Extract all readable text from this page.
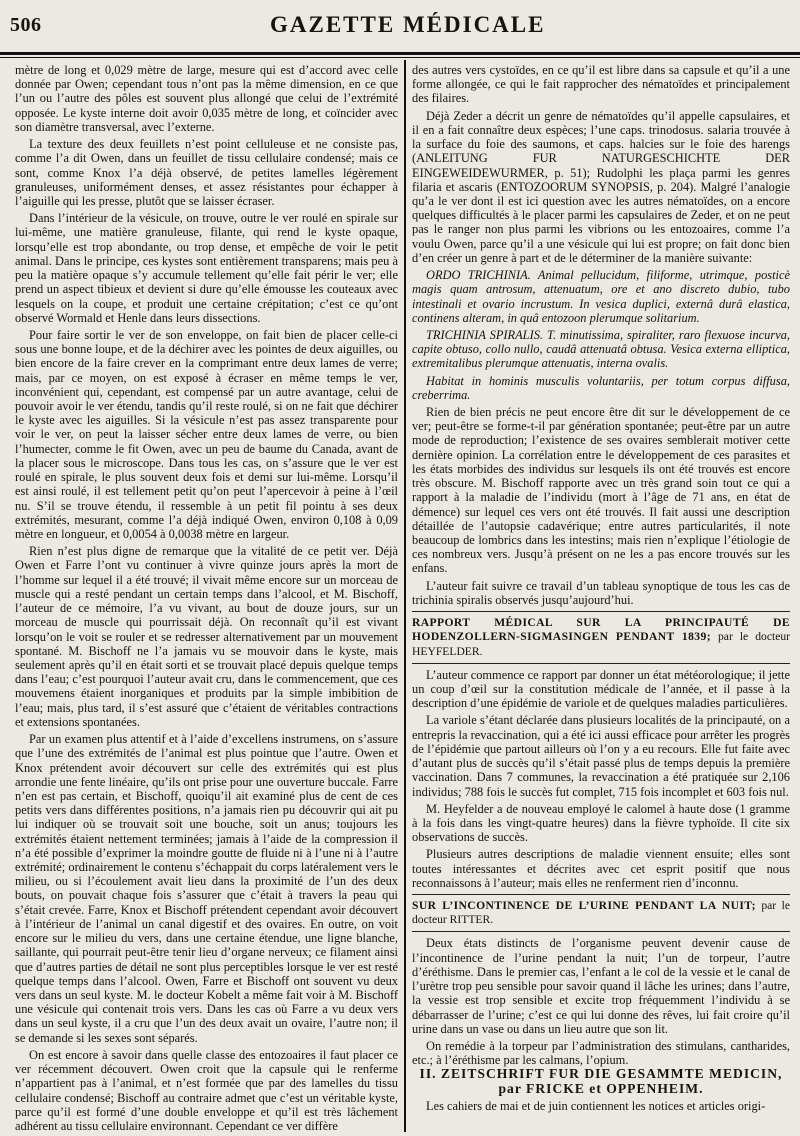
506	GAZETTE MÉDICALE

mètre de long et 0,029 mètre de large, mesure qui est d’accord avec celle donnée par Owen; cependant tous n’ont pas la même dimension, en ce que l’un ou l’autre des pôles est souvent plus allongé que celui de l’extrémité opposée. Le kyste interne doit avoir 0,035 mètre de long, et coïncider avec son diamètre transversal, avec l’externe.

La texture des deux feuillets n’est point celluleuse et ne consiste pas, comme l’a dit Owen, dans un feuillet de tissu cellulaire condensé; mais ce sont, comme Knox l’a déjà observé, de petites lamelles légèrement granuleuses, uniformément denses, et assez résistantes pour échapper à l’aiguille qui les presse, plutôt que se laisser écraser.

Dans l’intérieur de la vésicule, on trouve, outre le ver roulé en spirale sur lui-même, une matière granuleuse, filante, qui rend le kyste opaque, lorsqu’elle est trop abondante, ou trop dense, et empêche de voir le petit animal. Dans le principe, ces kystes sont entièrement transparens; mais peu à peu la matière opaque s’y accumule tellement qu’elle fait périr le ver; elle prend un aspect tibieux et devient si dure qu’elle émousse les couteaux avec lesquels on la coupe, et produit une certaine crépitation; c’est ce qu’ont observé Wormald et Henle dans leurs dissections.

Pour faire sortir le ver de son enveloppe, on fait bien de placer celle-ci sous une bonne loupe, et de la déchirer avec les pointes de deux aiguilles, ou bien encore de la faire crever en la comprimant entre deux lames de verre; mais, par ce moyen, on est exposé à écraser en même temps le ver, inconvénient qui, cependant, est compensé par un autre avantage, celui de pouvoir avoir le ver étendu, tandis qu’il reste roulé, si on ne fait que déchirer le kyste avec les aiguilles. Si la vésicule n’est pas assez transparente pour voir le ver, on peut la laisser sécher entre deux lames de verre, ou bien l’humecter, comme le fit Owen, avec un peu de baume du Canada, avant de la placer sous le microscope. Dans tous les cas, on s’assure que le ver est roulé en spirale, le plus souvent deux fois et demi sur lui-même. Lorsqu’il est ainsi roulé, il est tellement petit qu’on peut l’apercevoir à peine à l’œil nu. S’il se trouve étendu, il ressemble à un petit fil pointu à ses deux extrémités, mesurant, comme l’a déjà indiqué Owen, environ 0,108 à 0,09 mètre en longueur, et 0,0054 à 0,0038 mètre en largeur.

Rien n’est plus digne de remarque que la vitalité de ce petit ver. Déjà Owen et Farre l’ont vu continuer à vivre quinze jours après la mort de l’homme sur lequel il a été trouvé; il vivait même encore sur un morceau de muscle qui a resté pendant un certain temps dans l’alcool, et M. Bischoff, l’auteur de ce mémoire, l’a vu vivant, au bout de douze jours, sur un morceau de muscle qui pourrissait déjà. On reconnaît qu’il est vivant lorsqu’on le voit se rouler et se redresser alternativement par un mouvement spontané. M. Bischoff ne l’a jamais vu se mouvoir dans le kyste, mais seulement après qu’il en était sorti et se trouvait placé depuis quelque temps dans l’eau; c’est pourquoi l’auteur avait cru, dans le commencement, que ces mouvemens étaient inorganiques et produits par la simple imbibition de l’eau; mais, plus tard, il s’est assuré que c’étaient de véritables contractions et extensions spontanées.

Par un examen plus attentif et à l’aide d’excellens instrumens, on s’assure que l’une des extrémités de l’animal est plus pointue que l’autre. Owen et Knox prétendent avoir découvert sur celle des extrémités qui est plus arrondie une fente linéaire, qu’ils ont prise pour une ouverture buccale. Farre n’en est pas certain, et Bischoff, quoiqu’il ait examiné plus de cent de ces petits vers dans différentes positions, n’a jamais rien pu découvrir qui ait pu lui indiquer où se trouvait soit une bouche, soit un anus; toujours les extrémités étaient nettement terminées; jamais à l’aide de la compression il n’a été possible d’exprimer la moindre goutte de fluide ni à l’une ni à l’autre extrémité; ordinairement le contenu s’échappait du corps latéralement vers le milieu, ou si l’écoulement avait lieu dans la proximité de l’un des deux bouts, on pouvait chaque fois s’assurer que c’était à travers la peau qui s’était crevée. Farre, Knox et Bischoff prétendent cependant avoir découvert à l’intérieur de l’animal un canal digestif et des ovaires. En outre, on voit encore sur le milieu du vers, dans une certaine étendue, une ligne blanche, saillante, qui pourrait peut-être tenir lieu d’organe nerveux; ce filament ainsi que d’autres parties de détail ne sont plus perceptibles lorsque le ver est resté quelque temps dans l’alcool. Owen, Farre et Bischoff ont souvent vu deux vers dans un seul kyste. M. le docteur Kobelt a même fait voir à M. Bischoff une vésicule qui contenait trois vers. Dans les cas où Farre a vu deux vers dans un seul kyste, il a cru que l’un des deux avait un ovaire, l’autre non; il se demande si les sexes sont séparés.

On est encore à savoir dans quelle classe des entozoaires il faut placer ce ver récemment découvert. Owen croit que la capsule qui le renferme n’appartient pas à l’animal, et n’est formée que par des lamelles du tissu cellulaire condensé; Bischoff au contraire admet que c’est un véritable kyste, parce qu’il est formé d’une double enveloppe et qu’il est très lâchement adhérent au tissu cellulaire environnant. Cependant ce ver diffère

des autres vers cystoïdes, en ce qu’il est libre dans sa capsule et qu’il a une forme allongée, ce qui le fait rapprocher des nématoïdes et principalement des filaires.

Déjà Zeder a décrit un genre de nématoïdes qu’il appelle capsulaires, et il en a fait connaître deux espèces; l’une caps. trinodosus. salaria trouvée à la surface du foie des saumons, et caps. halcies sur le foie des harengs (ANLEITUNG FUR NATURGESCHICHTE DER EINGEWEIDEWURMER, p. 51); Rudolphi les plaça parmi les genres filaria et ascaris (ENTOZOORUM SYNOPSIS, p. 204). Malgré l’analogie qu’a le ver dont il est ici question avec les autres nématoïdes, on a encore quelques difficultés à le placer parmi les capsulaires de Zeder, et on ne peut pas le ranger non plus parmi les vibrions ou les entozoaires, comme l’a voulu Owen, parce qu’il a une vésicule qui lui est propre; on fait donc bien d’en créer un genre à part et de le déterminer de la manière suivante:

ORDO TRICHINIA. Animal pellucidum, filiforme, utrimque, posticè magis quam antrosum, attenuatum, ore et ano discreto dubio, tubo intestinali et ovario incrustum. In vesica duplici, externâ durâ elastica, continens alteram, in quâ entozoon plerumque solitarium.

TRICHINIA SPIRALIS. T. minutissima, spiraliter, raro flexuose incurva, capite obtuso, collo nullo, caudâ attenuatâ obtusa. Vesica externa elliptica, extremitalibus plerumque attenuatis, interna ovalis.

Habitat in hominis musculis voluntariis, per totum corpus diffusa, creberrima.

Rien de bien précis ne peut encore être dit sur le développement de ce ver; peut-être se forme-t-il par génération spontanée; peut-être par un autre mode de reproduction; l’existence de ses ovaires semblerait motiver cette dernière opinion. La corrélation entre le développement de ces parasites et les états morbides des individus sur lesquels ils ont été trouvés est encore très obscure. M. Bischoff rapporte avec un très grand soin tout ce qui a rapport à la maladie de l’individu (mort à l’âge de 71 ans, en état de démence) sur lequel ces vers ont été trouvés. Il fait aussi une description détaillée de l’autopsie cadavérique; entre autres particularités, il note beaucoup de lombrics dans les intestins; mais rien n’explique l’étiologie de ces nombreux vers. Jusqu’à présent on ne les a pas encore trouvés sur les enfans.

L’auteur fait suivre ce travail d’un tableau synoptique de tous les cas de trichinia spiralis observés jusqu’aujourd’hui.

RAPPORT MÉDICAL SUR LA PRINCIPAUTÉ DE HODENZOLLERN-SIGMASINGEN PENDANT 1839; par le docteur HEYFELDER.

L’auteur commence ce rapport par donner un état météorologique; il jette un coup d’œil sur la constitution médicale de l’année, et il passe à la description d’une épidémie de variole et de quelques maladies particulières.

La variole s’étant déclarée dans plusieurs localités de la principauté, on a entrepris la revaccination, qui a été ici aussi efficace pour arrêter les progrès de l’épidémie que partout ailleurs où l’on y a eu recours. Elle fut faite avec d’autant plus de succès qu’il s’était passé plus de temps depuis la première vaccination. Dans 7 communes, la revaccination a été pratiquée sur 2,106 individus; 788 fois le succès fut complet, 715 fois incomplet et 603 fois nul.

M. Heyfelder a de nouveau employé le calomel à haute dose (1 gramme à la fois dans les vingt-quatre heures) dans la fièvre typhoïde. Il cite six observations de succès.

Plusieurs autres descriptions de maladie viennent ensuite; elles sont toutes intéressantes et décrites avec cet esprit positif que nous reconnaissons à l’auteur; mais elles ne renferment rien d’inconnu.

SUR L’INCONTINENCE DE L’URINE PENDANT LA NUIT; par le docteur RITTER.

Deux états distincts de l’organisme peuvent devenir cause de l’incontinence de l’urine pendant la nuit; l’un de torpeur, l’autre d’éréthisme. Dans le premier cas, l’enfant a le col de la vessie et le canal de l’urètre trop peu sensible pour savoir quand il lâche les urines; dans l’autre, la vessie est trop sensible et excite trop fréquemment l’individu à se débarrasser de l’urine; c’est ce qui lui donne des rêves, lui fait croire qu’il urine dans un vase ou dans un lieu autre que son lit.

On remédie à la torpeur par l’administration des stimulans, cantharides, etc.; à l’éréthisme par les calmans, l’opium.

II. ZEITSCHRIFT FUR DIE GESAMMTE MEDICIN, par FRICKE et OPPENHEIM.

Les cahiers de mai et de juin contiennent les notices et articles origi-
